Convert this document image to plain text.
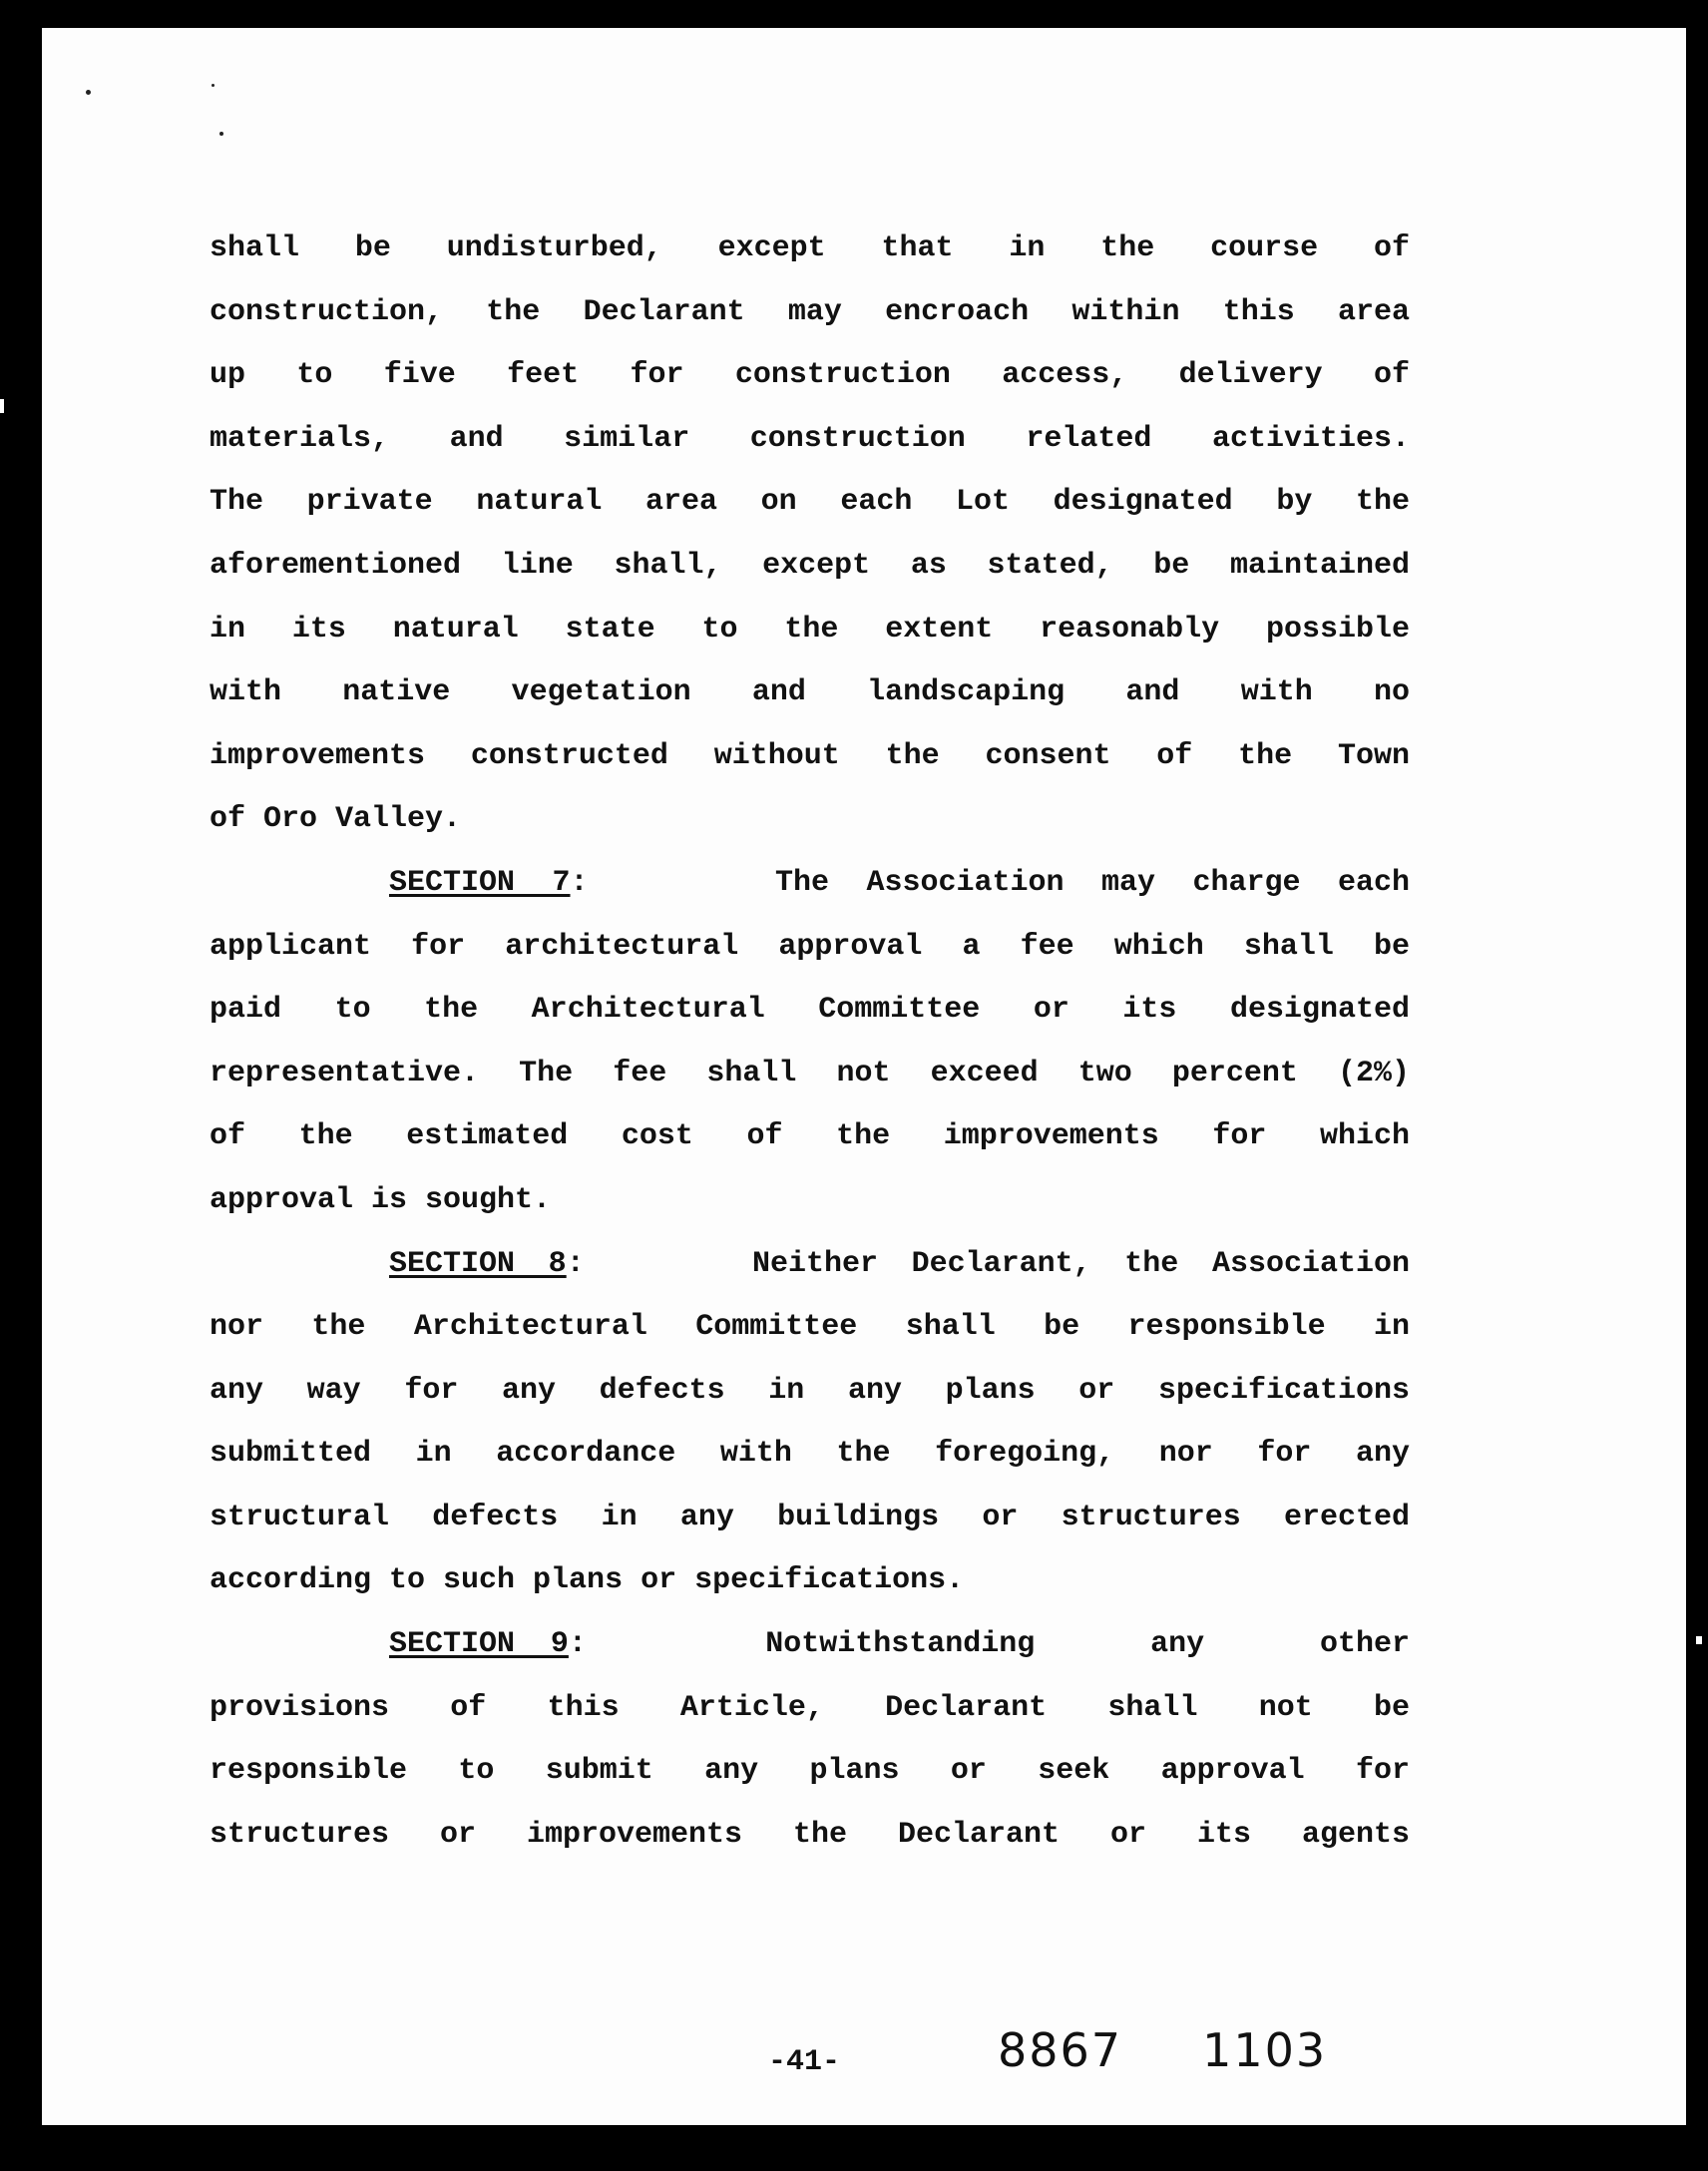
shall be undisturbed, except that in the course of
construction, the Declarant may encroach within this area
up to five feet for construction access, delivery of
materials, and similar construction related activities.
The private natural area on each Lot designated by the
aforementioned line shall, except as stated, be maintained
in its natural state to the extent reasonably possible
with native vegetation and landscaping and with no
improvements constructed without the consent of the Town
of Oro Valley.

SECTION 7:     The Association may charge each
applicant for architectural approval a fee which shall be
paid to the Architectural Committee or its designated
representative. The fee shall not exceed two percent (2%)
of the estimated cost of the improvements for which
approval is sought.

SECTION 8:     Neither Declarant, the Association
nor the Architectural Committee shall be responsible in
any way for any defects in any plans or specifications
submitted in accordance with the foregoing, nor for any
structural defects in any buildings or structures erected
according to such plans or specifications.

SECTION 9:     Notwithstanding any other
provisions of this Article, Declarant shall not be
responsible to submit any plans or seek approval for
structures or improvements the Declarant or its agents

-41-	8867 1103
